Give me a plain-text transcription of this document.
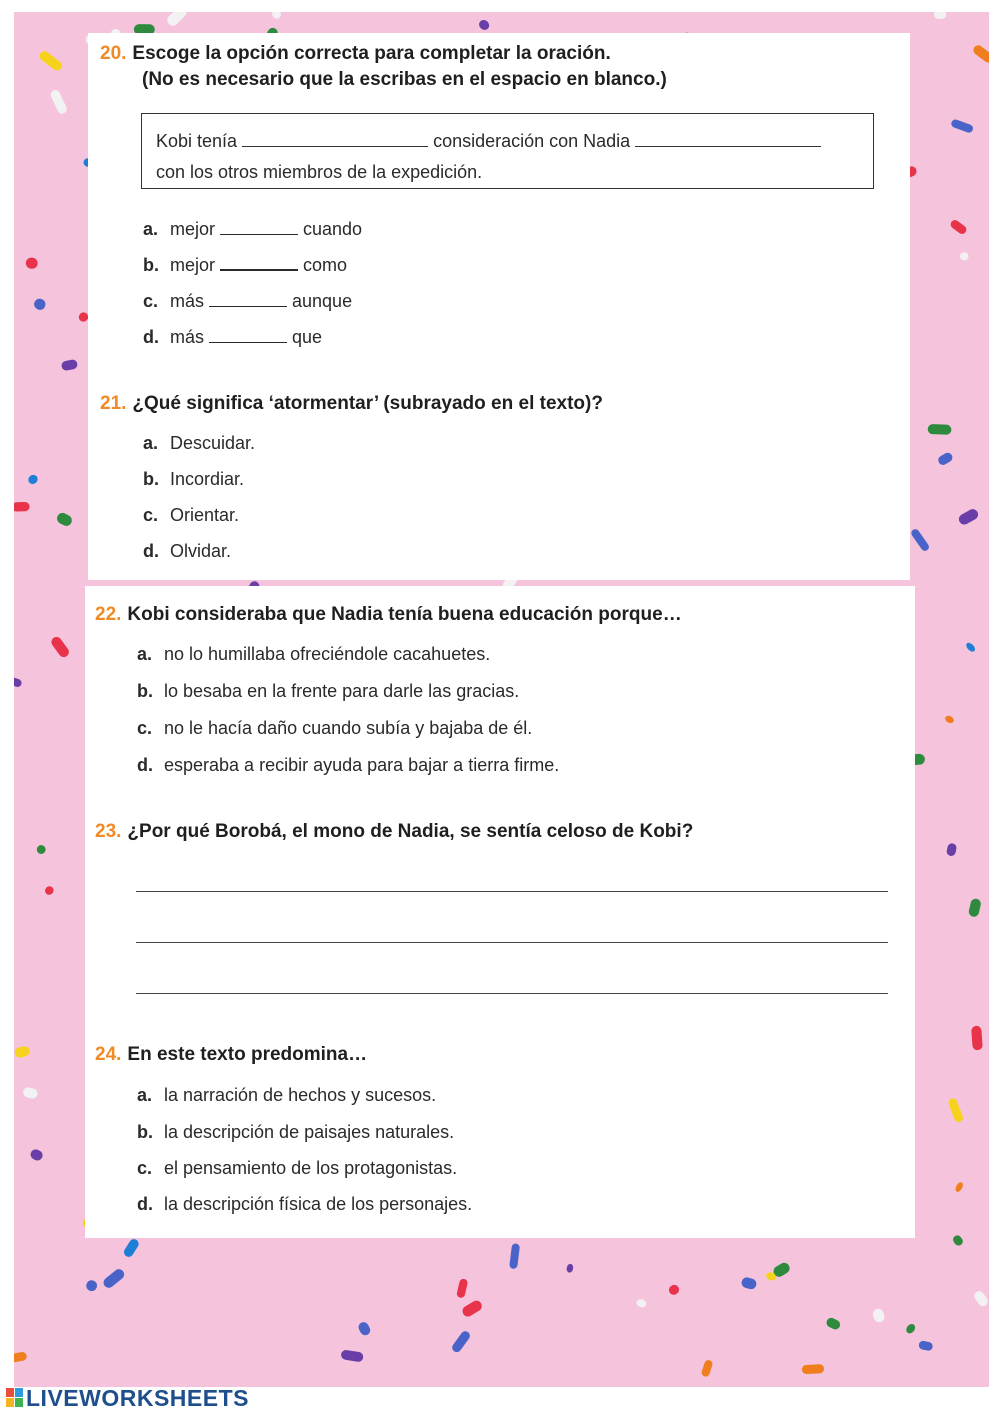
20. Escoge la opción correcta para completar la oración.
(No es necesario que la escribas en el espacio en blanco.)
Kobi tenía	consideración con Nadia
con los otros miembros de la expedición.
a. mejor	cuando
b. mejor	como
c. más	aunque
d. más	que
21. ¿Qué significa ‘atormentar’ (subrayado en el texto)?
a. Descuidar.
b. Incordiar.
c. Orientar.
d. Olvidar.
22. Kobi consideraba que Nadia tenía buena educación porque…
a. no lo humillaba ofreciéndole cacahuetes.
b. lo besaba en la frente para darle las gracias.
c. no le hacía daño cuando subía y bajaba de él.
d. esperaba a recibir ayuda para bajar a tierra firme.
23. ¿Por qué Borobá, el mono de Nadia, se sentía celoso de Kobi?
24. En este texto predomina…
a. la narración de hechos y sucesos.
b. la descripción de paisajes naturales.
c. el pensamiento de los protagonistas.
d. la descripción física de los personajes.
LIVEWORKSHEETS
